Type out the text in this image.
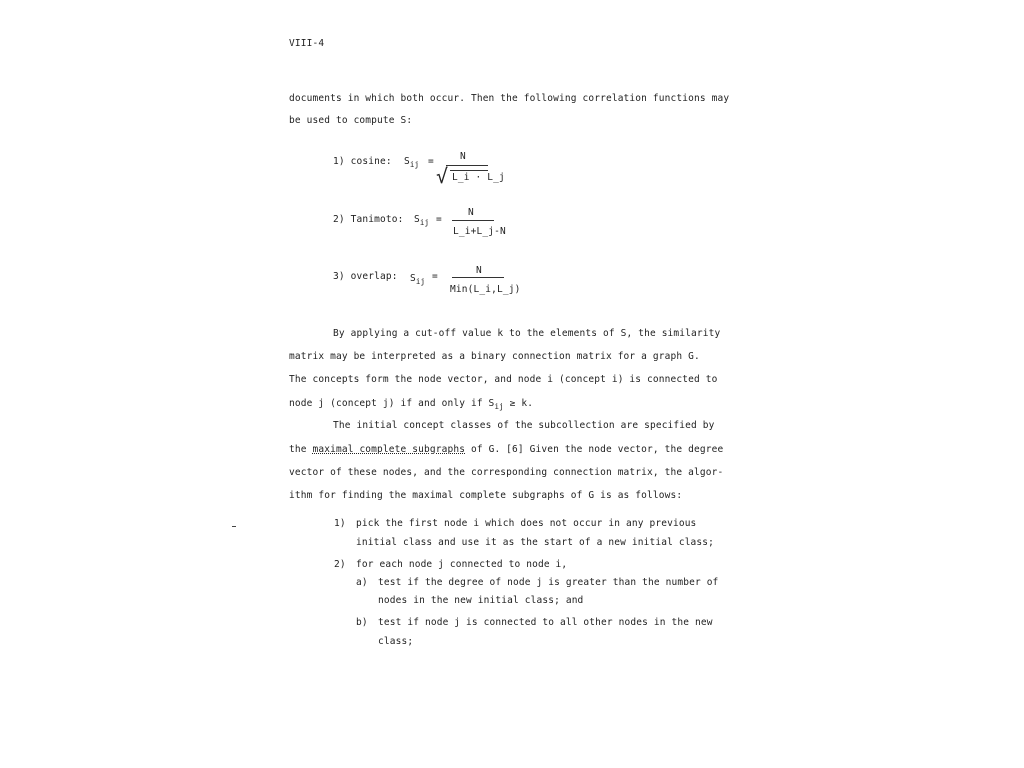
VIII-4
documents in which both occur. Then the following correlation functions may
be used to compute S:
1) cosine: $S_{ij}$ =	N
√ L_i · L_j
2) Tanimoto: $S_{ij}$ =
N
L_i+L_j-N
3) overlap: $S_{ij}$ =
N
Min(L_i,L_j)
By applying a cut-off value k to the elements of S, the similarity
matrix may be interpreted as a binary connection matrix for a graph G.
The concepts form the node vector, and node i (concept i) is connected to
node j (concept j) if and only if $S_{ij} \ge k$.
The initial concept classes of the subcollection are specified by
the maximal complete subgraphs of G. [6] Given the node vector, the degree
vector of these nodes, and the corresponding connection matrix, the algor-
ithm for finding the maximal complete subgraphs of G is as follows:
1) pick the first node i which does not occur in any previous
initial class and use it as the start of a new initial class;
2) for each node j connected to node i,
a) test if the degree of node j is greater than the number of
nodes in the new initial class; and
b) test if node j is connected to all other nodes in the new
class;
